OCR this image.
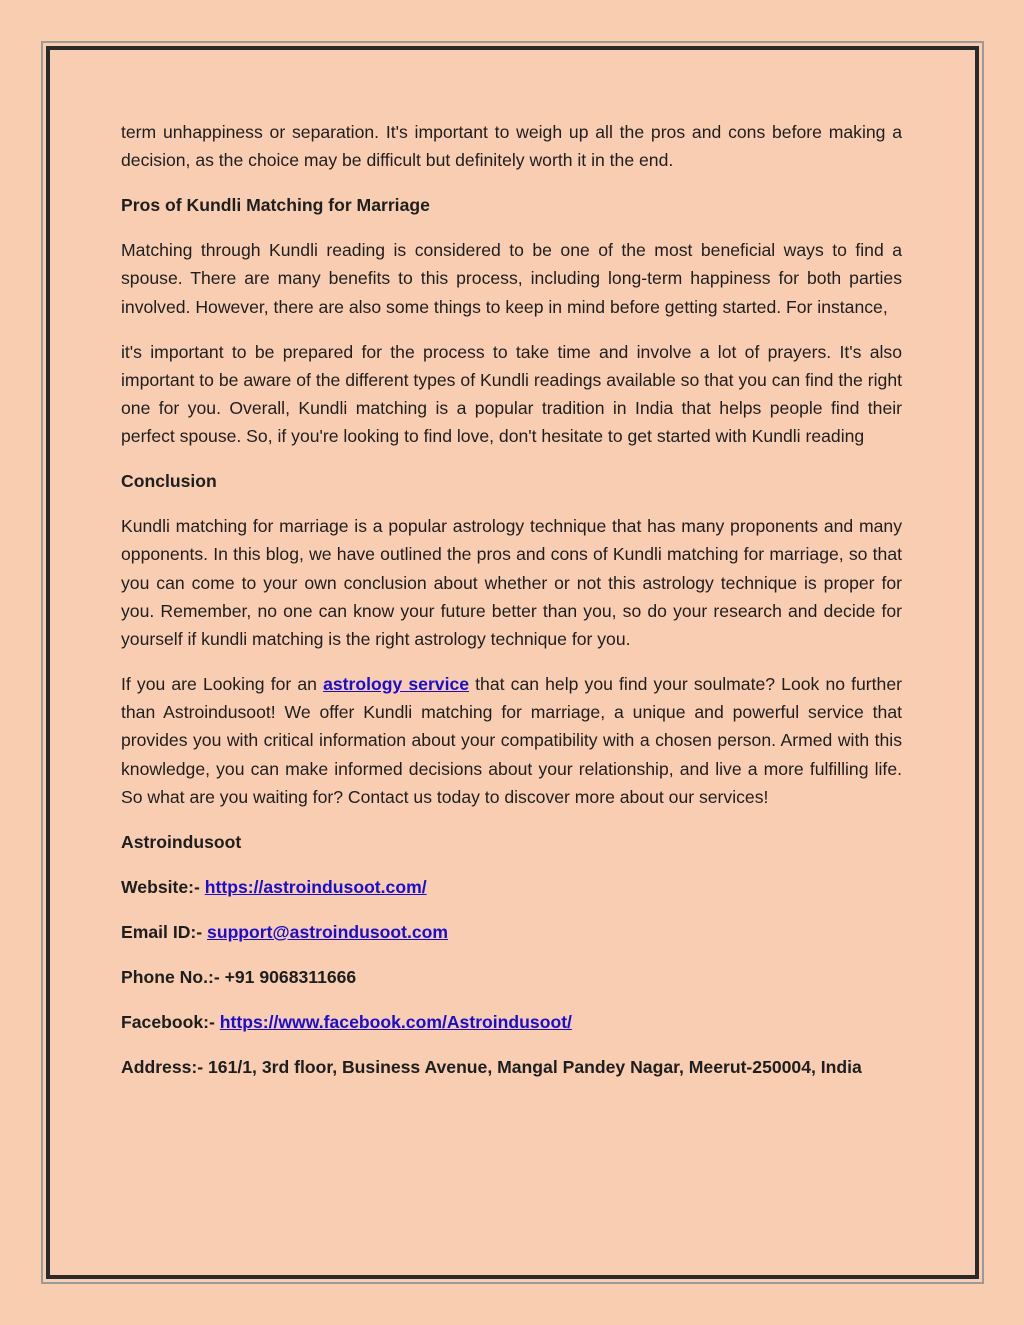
term unhappiness or separation. It's important to weigh up all the pros and cons before making a decision, as the choice may be difficult but definitely worth it in the end.

Pros of Kundli Matching for Marriage

Matching through Kundli reading is considered to be one of the most beneficial ways to find a spouse. There are many benefits to this process, including long-term happiness for both parties involved. However, there are also some things to keep in mind before getting started. For instance,

it's important to be prepared for the process to take time and involve a lot of prayers. It's also important to be aware of the different types of Kundli readings available so that you can find the right one for you. Overall, Kundli matching is a popular tradition in India that helps people find their perfect spouse. So, if you're looking to find love, don't hesitate to get started with Kundli reading

Conclusion

Kundli matching for marriage is a popular astrology technique that has many proponents and many opponents. In this blog, we have outlined the pros and cons of Kundli matching for marriage, so that you can come to your own conclusion about whether or not this astrology technique is proper for you. Remember, no one can know your future better than you, so do your research and decide for yourself if kundli matching is the right astrology technique for you.

If you are Looking for an astrology service that can help you find your soulmate? Look no further than Astroindusoot! We offer Kundli matching for marriage, a unique and powerful service that provides you with critical information about your compatibility with a chosen person. Armed with this knowledge, you can make informed decisions about your relationship, and live a more fulfilling life. So what are you waiting for? Contact us today to discover more about our services!

Astroindusoot
Website:- https://astroindusoot.com/
Email ID:- support@astroindusoot.com
Phone No.:- +91 9068311666
Facebook:- https://www.facebook.com/Astroindusoot/
Address:- 161/1, 3rd floor, Business Avenue, Mangal Pandey Nagar, Meerut-250004, India
